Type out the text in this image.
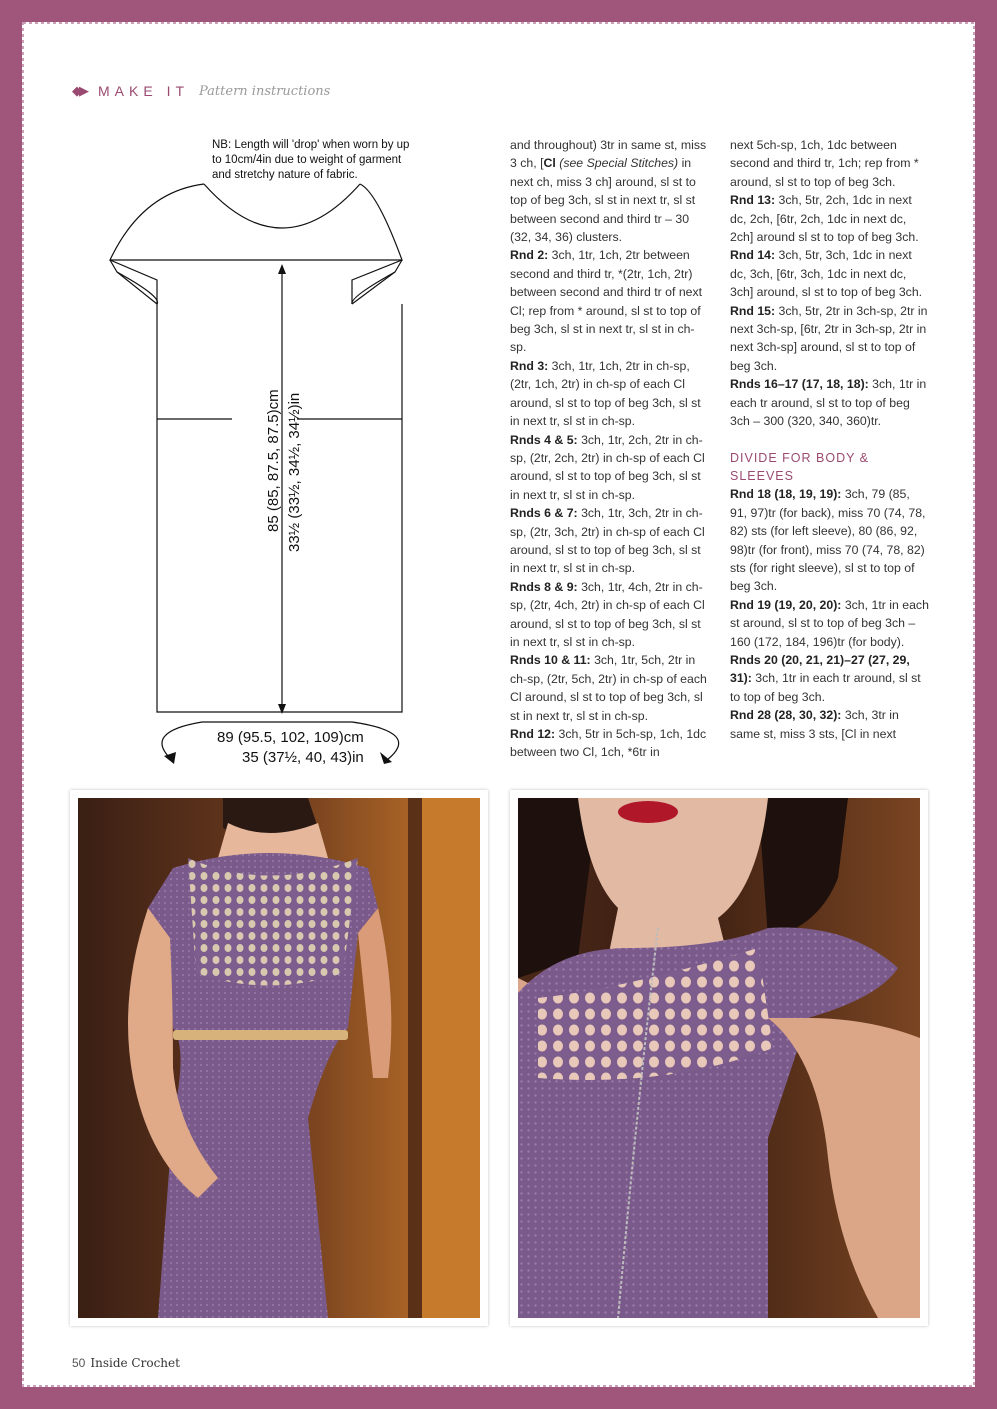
◆▶ MAKE IT Pattern instructions
85 (85, 87.5, 87.5)cm 33½ (33½, 34½, 34½)in
89 (95.5, 102, 109)cm
35 (37½, 40, 43)in
NB: Length will 'drop' when worn by up to 10cm/4in due to weight of garment and stretchy nature of fabric.

and throughout) 3tr in same st, miss 3 ch, [Cl (see Special Stitches) in next ch, miss 3 ch] around, sl st to top of beg 3ch, sl st in next tr, sl st between second and third tr – 30 (32, 34, 36) clusters.

Rnd 2: 3ch, 1tr, 1ch, 2tr between second and third tr, *(2tr, 1ch, 2tr) between second and third tr of next Cl; rep from * around, sl st to top of beg 3ch, sl st in next tr, sl st in ch-sp.

Rnd 3: 3ch, 1tr, 1ch, 2tr in ch-sp, (2tr, 1ch, 2tr) in ch-sp of each Cl around, sl st to top of beg 3ch, sl st in next tr, sl st in ch-sp.

Rnds 4 & 5: 3ch, 1tr, 2ch, 2tr in ch-sp, (2tr, 2ch, 2tr) in ch-sp of each Cl around, sl st to top of beg 3ch, sl st in next tr, sl st in ch-sp.

Rnds 6 & 7: 3ch, 1tr, 3ch, 2tr in ch-sp, (2tr, 3ch, 2tr) in ch-sp of each Cl around, sl st to top of beg 3ch, sl st in next tr, sl st in ch-sp.

Rnds 8 & 9: 3ch, 1tr, 4ch, 2tr in ch-sp, (2tr, 4ch, 2tr) in ch-sp of each Cl around, sl st to top of beg 3ch, sl st in next tr, sl st in ch-sp.

Rnds 10 & 11: 3ch, 1tr, 5ch, 2tr in ch-sp, (2tr, 5ch, 2tr) in ch-sp of each Cl around, sl st to top of beg 3ch, sl st in next tr, sl st in ch-sp.

Rnd 12: 3ch, 5tr in 5ch-sp, 1ch, 1dc between two Cl, 1ch, *6tr in

next 5ch-sp, 1ch, 1dc between second and third tr, 1ch; rep from * around, sl st to top of beg 3ch.

Rnd 13: 3ch, 5tr, 2ch, 1dc in next dc, 2ch, [6tr, 2ch, 1dc in next dc, 2ch] around sl st to top of beg 3ch.

Rnd 14: 3ch, 5tr, 3ch, 1dc in next dc, 3ch, [6tr, 3ch, 1dc in next dc, 3ch] around, sl st to top of beg 3ch.

Rnd 15: 3ch, 5tr, 2tr in 3ch-sp, 2tr in next 3ch-sp, [6tr, 2tr in 3ch-sp, 2tr in next 3ch-sp] around, sl st to top of beg 3ch.

Rnds 16–17 (17, 18, 18): 3ch, 1tr in each tr around, sl st to top of beg 3ch – 300 (320, 340, 360)tr.

DIVIDE FOR BODY & SLEEVES

Rnd 18 (18, 19, 19): 3ch, 79 (85, 91, 97)tr (for back), miss 70 (74, 78, 82) sts (for left sleeve), 80 (86, 92, 98)tr (for front), miss 70 (74, 78, 82) sts (for right sleeve), sl st to top of beg 3ch.

Rnd 19 (19, 20, 20): 3ch, 1tr in each st around, sl st to top of beg 3ch – 160 (172, 184, 196)tr (for body).

Rnds 20 (20, 21, 21)–27 (27, 29, 31): 3ch, 1tr in each tr around, sl st to top of beg 3ch.

Rnd 28 (28, 30, 32): 3ch, 3tr in same st, miss 3 sts, [Cl in next

50 Inside Crochet
